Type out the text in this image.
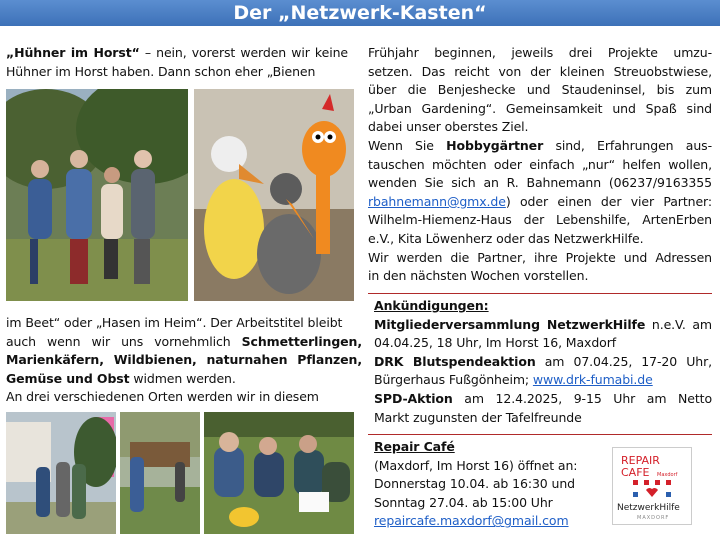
Der „Netzwerk-Kasten“
„Hühner im Horst“ – nein, vorerst werden wir keine
Hühner im Horst haben. Dann schon eher „Bienen
im Beet“ oder „Hasen im Heim“. Der Arbeitstitel bleibt
auch wenn wir uns vornehmlich Schmetterlingen,
Marienkäfern, Wildbienen, naturnahen Pflanzen,
Gemüse und Obst widmen werden.
An drei verschiedenen Orten werden wir in diesem
Frühjahr beginnen, jeweils drei Projekte umzu-
setzen. Das reicht von der kleinen Streuobstwiese,
über die Benjeshecke und Staudeninsel, bis zum
„Urban Gardening“. Gemeinsamkeit und Spaß sind
dabei unser oberstes Ziel.
Wenn Sie Hobbygärtner sind, Erfahrungen aus-
tauschen möchten oder einfach „nur“ helfen wollen,
wenden Sie sich an R. Bahnemann (06237/9163355
rbahnemann@gmx.de) oder einen der vier Partner:
Wilhelm-Hiemenz-Haus der Lebenshilfe, ArtenErben
e.V., Kita Löwenherz oder das NetzwerkHilfe.
Wir werden die Partner, ihre Projekte und Adressen
in den nächsten Wochen vorstellen.
Ankündigungen:
Mitgliederversammlung NetzwerkHilfe n.e.V. am
04.04.25, 18 Uhr, Im Horst 16, Maxdorf
DRK Blutspendeaktion am 07.04.25, 17-20 Uhr,
Bürgerhaus Fußgönheim; www.drk-fumabi.de
SPD-Aktion am 12.4.2025, 9-15 Uhr am Netto
Markt zugunsten der Tafelfreunde
Repair Café
(Maxdorf, Im Horst 16) öffnet an:
Donnerstag 10.04. ab 16:30 und
Sonntag 27.04. ab 15:00 Uhr
repaircafe.maxdorf@gmail.com
REPAIR
CAFE Maxdorf
NetzwerkHilfe
MAXDORF
